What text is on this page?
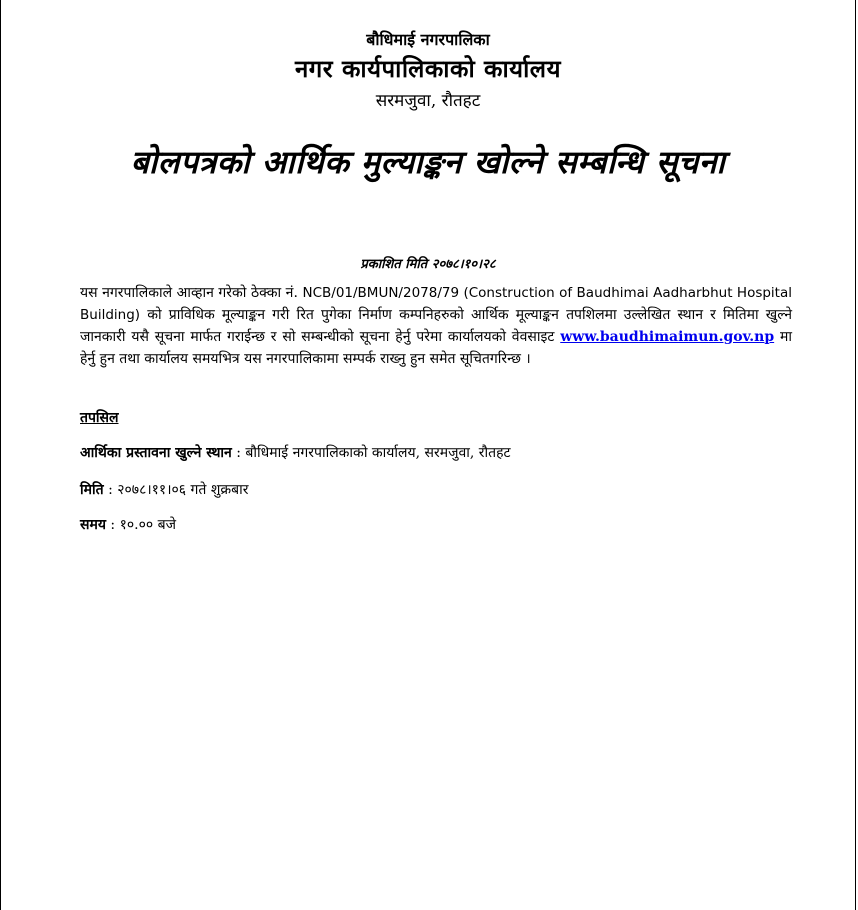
बौधिमाई नगरपालिका
नगर कार्यपालिकाको कार्यालय
सरमजुवा, रौतहट
बोलपत्रको आर्थिक मुल्याङ्कन खोल्ने सम्बन्धि सूचना
प्रकाशित मिति २०७८।१०।२८
यस नगरपालिकाले आव्हान गरेको ठेक्का नं. NCB/01/BMUN/2078/79 (Construction of Baudhimai Aadharbhut Hospital Building) को प्राविधिक मूल्याङ्कन गरी रित पुगेका निर्माण कम्पनिहरुको आर्थिक मूल्याङ्कन तपशिलमा उल्लेखित स्थान र मितिमा खुल्ने जानकारी यसै सूचना मार्फत गराईन्छ र सो सम्बन्धीको सूचना हेर्नु परेमा कार्यालयको वेवसाइट www.baudhimaimun.gov.np मा हेर्नु हुन तथा कार्यालय समयभित्र यस नगरपालिकामा सम्पर्क राख्नु हुन समेत सूचितगरिन्छ ।
तपसिल
आर्थिका प्रस्तावना खुल्ने स्थान : बौधिमाई नगरपालिकाको कार्यालय, सरमजुवा, रौतहट
मिति : २०७८।११।०६ गते शुक्रबार
समय : १०.०० बजे
